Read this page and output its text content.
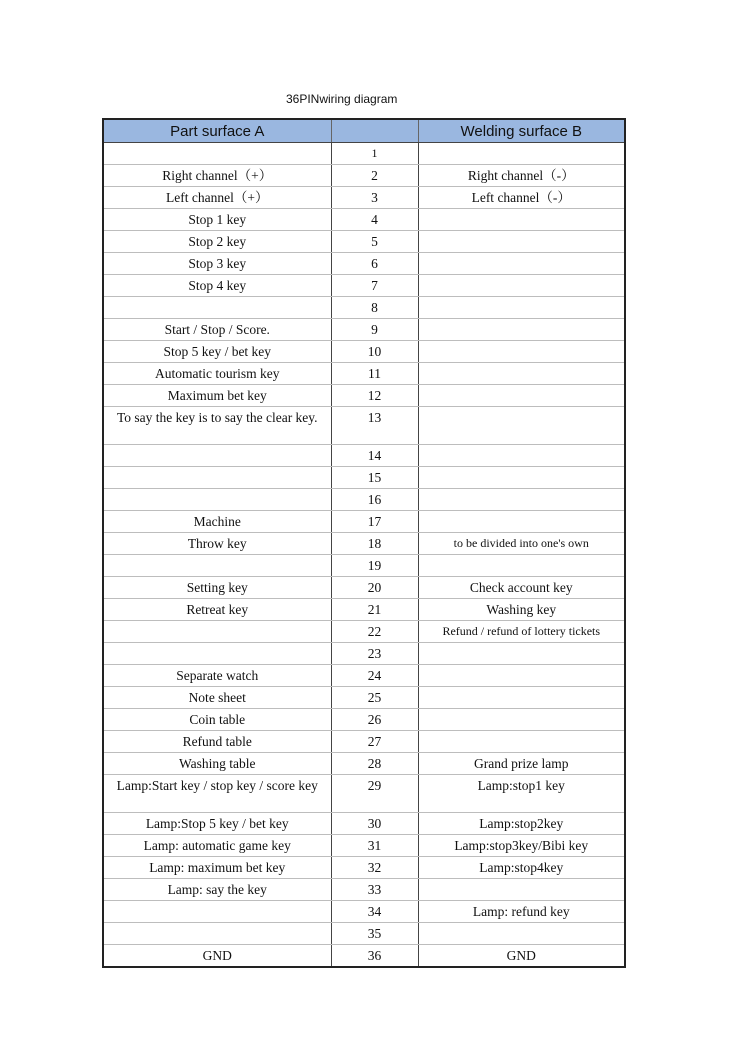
36PINwiring diagram
Part surface A		Welding surface B
	1	
Right channel（+）	2	Right channel（-）
Left channel（+）	3	Left channel（-）
Stop 1 key	4	
Stop 2 key	5	
Stop 3 key	6	
Stop 4 key	7	
	8	
Start / Stop / Score.	9	
Stop 5 key / bet key	10	
Automatic tourism key	11	
Maximum bet key	12	
To say the key is to say the clear key.	13	
	14	
	15	
	16	
Machine	17	
Throw key	18	to be divided into one's own
	19	
Setting key	20	Check account key
Retreat key	21	Washing key
	22	Refund / refund of lottery tickets
	23	
Separate watch	24	
Note sheet	25	
Coin table	26	
Refund table	27	
Washing table	28	Grand prize lamp
Lamp:Start key / stop key / score key	29	Lamp:stop1 key
Lamp:Stop 5 key / bet key	30	Lamp:stop2key
Lamp: automatic game key	31	Lamp:stop3key/Bibi key
Lamp: maximum bet key	32	Lamp:stop4key
Lamp: say the key	33	
	34	Lamp: refund key
	35	
GND	36	GND
